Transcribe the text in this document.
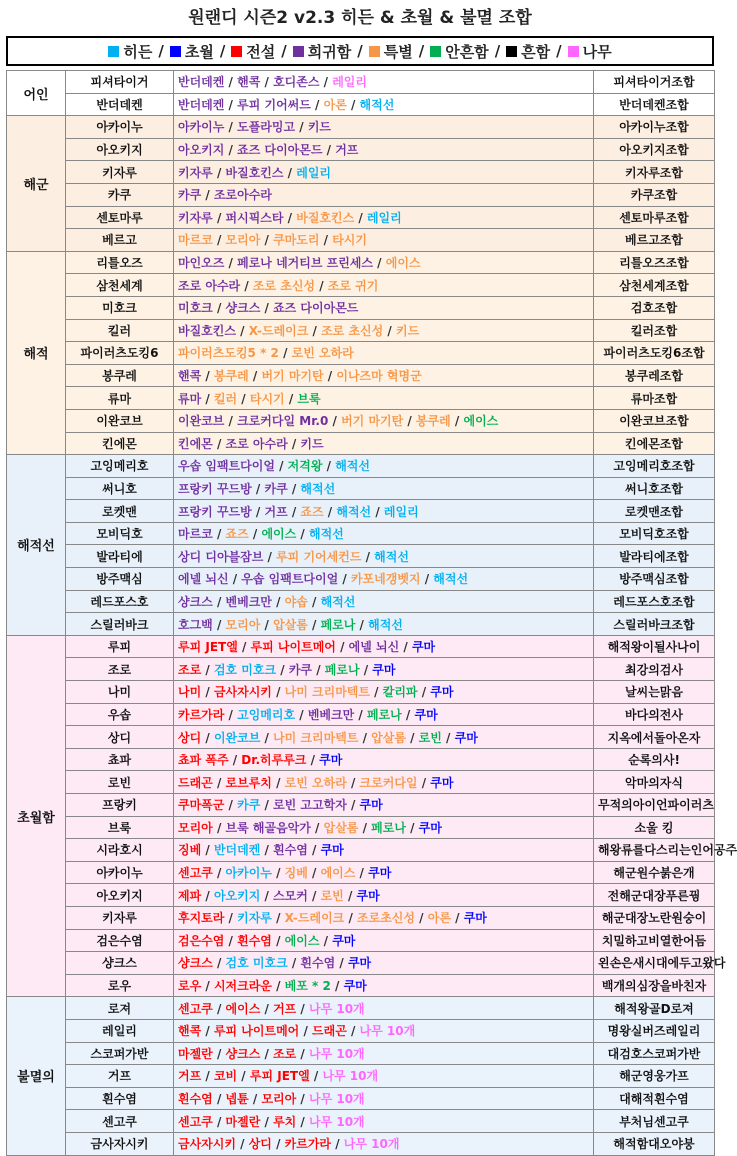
원랜디 시즌2 v2.3 히든 & 초월 & 불멸 조합
히든 /	초월 /	전설 /	희귀함 /	특별 /	안흔함 /	흔함 /	나무
어인	피셔타이거	반더데켄 / 핸콕 / 호디존스 / 레일리	피셔타이거조합
	반더데켄	반더데켄 / 루피 기어써드 / 아론 / 해적선	반더데켄조합
해군	아카이누	아카이누 / 도플라밍고 / 키드	아카이누조합
	아오키지	아오키지 / 죠즈 다이아몬드 / 거프	아오키지조합
	키자루	키자루 / 바질호킨스 / 레일리	키자루조합
	카쿠	카쿠 / 조로아수라	카쿠조합
	센토마루	키자루 / 퍼시픽스타 / 바질호킨스 / 레일리	센토마루조합
	베르고	마르코 / 모리아 / 쿠마도리 / 타시기	베르고조합
해적	리틀오즈	마인오즈 / 페로나 네거티브 프린세스 / 에이스	리틀오즈조합
	삼천세계	조로 아수라 / 조로 초신성 / 조로 귀기	삼천세계조합
	미호크	미호크 / 샹크스 / 죠즈 다이아몬드	검호조합
	킬러	바질호킨스 / X-드레이크 / 조로 초신성 / 키드	킬러조합
	파이러츠도킹6	파이러츠도킹5 * 2 / 로빈 오하라	파이러츠도킹6조합
	봉쿠레	핸콕 / 봉쿠레 / 버기 마기탄 / 이나즈마 혁명군	봉쿠레조합
	류마	류마 / 킬러 / 타시기 / 브룩	류마조합
	이완코브	이완코브 / 크로커다일 Mr.0 / 버기 마기탄 / 봉쿠레 / 에이스	이완코브조합
	킨에몬	킨에몬 / 조로 아수라 / 키드	킨에몬조합
해적선	고잉메리호	우솝 임팩트다이얼 / 저격왕 / 해적선	고잉메리호조합
	써니호	프랑키 꾸드방 / 카쿠 / 해적선	써니호조합
	로켓맨	프랑키 꾸드방 / 거프 / 죠즈 / 해적선 / 레일리	로켓맨조합
	모비딕호	마르코 / 죠즈 / 에이스 / 해적선	모비딕호조합
	발라티에	상디 디아블잠브 / 루피 기어세컨드 / 해적선	발라티에조합
	방주맥심	에넬 뇌신 / 우솝 임팩트다이얼 / 카포네갱벳지 / 해적선	방주맥심조합
	레드포스호	샹크스 / 벤베크만 / 야솝 / 해적선	레드포스호조합
	스릴러바크	호그백 / 모리아 / 압살롬 / 페로나 / 해적선	스릴러바크조합
초월함	루피	루피 JET엘 / 루피 나이트메어 / 에넬 뇌신 / 쿠마	해적왕이될사나이
	조로	조로 / 검호 미호크 / 카쿠 / 페로나 / 쿠마	최강의검사
	나미	나미 / 금사자시키 / 나미 크리마텍트 / 칼리파 / 쿠마	날씨는맑음
	우솝	카르가라 / 고잉메리호 / 벤베크만 / 페로나 / 쿠마	바다의전사
	상디	상디 / 이완코브 / 나미 크리마텍트 / 압살롬 / 로빈 / 쿠마	지옥에서돌아온자
	쵸파	쵸파 폭주 / Dr.히루루크 / 쿠마	순록의사!
	로빈	드래곤 / 로브루치 / 로빈 오하라 / 크로커다일 / 쿠마	악마의자식
	프랑키	쿠마폭군 / 카쿠 / 로빈 고고학자 / 쿠마	무적의아이언파이러츠
	브룩	모리아 / 브룩 해골음악가 / 압살롬 / 페로나 / 쿠마	소울 킹
	시라호시	징베 / 반더데켄 / 흰수염 / 쿠마	해왕류를다스리는인어공주
	아카이누	센고쿠 / 아카이누 / 징베 / 에이스 / 쿠마	해군원수붉은개
	아오키지	제파 / 아오키지 / 스모커 / 로빈 / 쿠마	전해군대장푸른꿩
	키자루	후지토라 / 키자루 / X-드레이크 / 조로초신성 / 아론 / 쿠마	해군대장노란원숭이
	검은수염	검은수염 / 흰수염 / 에이스 / 쿠마	치밀하고비열한어듬
	샹크스	샹크스 / 검호 미호크 / 흰수염 / 쿠마	왼손은새시대에두고왔다
	로우	로우 / 시저크라운 / 베포 * 2 / 쿠마	백개의심장을바친자
불멸의	로져	센고쿠 / 에이스 / 거프 / 나무 10개	해적왕골D로져
	레일리	핸콕 / 루피 나이트메어 / 드래곤 / 나무 10개	명왕실버즈레일리
	스코퍼가반	마젤란 / 샹크스 / 조로 / 나무 10개	대검호스코퍼가반
	거프	거프 / 코비 / 루피 JET엘 / 나무 10개	해군영웅가프
	흰수염	흰수염 / 넵튠 / 모리아 / 나무 10개	대해적흰수염
	센고쿠	센고쿠 / 마젤란 / 루치 / 나무 10개	부처님센고쿠
	금사자시키	금사자시키 / 상디 / 카르가라 / 나무 10개	해적함대오야붕
